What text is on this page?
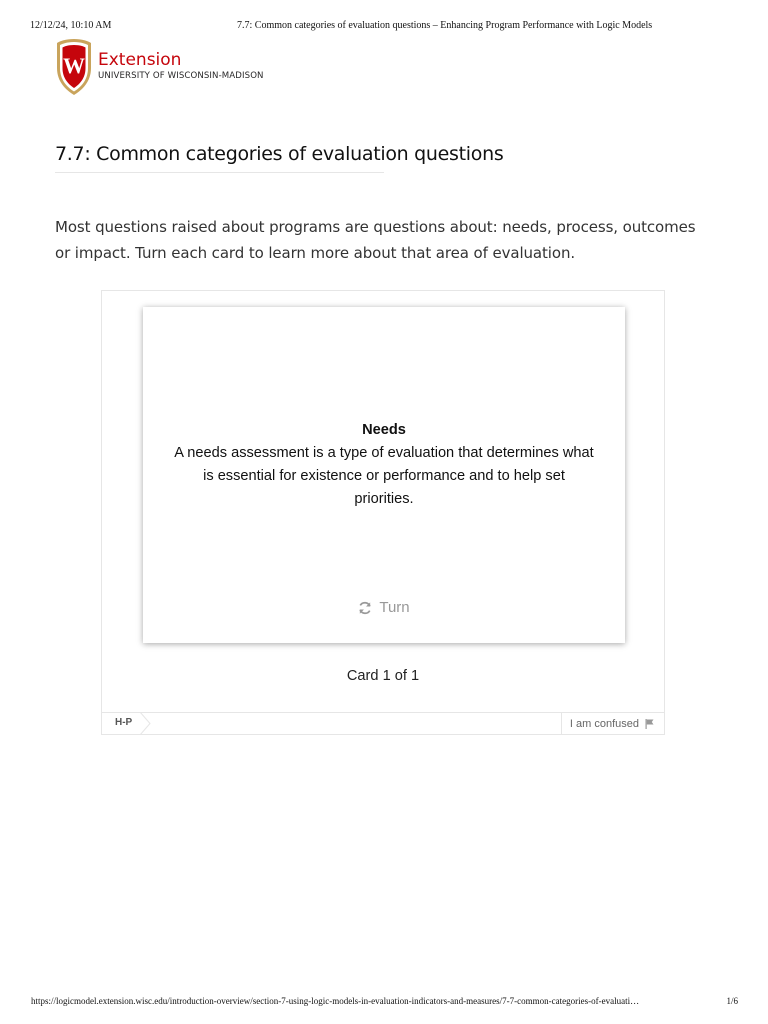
12/12/24, 10:10 AM	7.7: Common categories of evaluation questions – Enhancing Program Performance with Logic Models
W Extension
UNIVERSITY OF WISCONSIN-MADISON
7.7: Common categories of evaluation questions

Most questions raised about programs are questions about: needs, process, outcomes or impact. Turn each card to learn more about that area of evaluation.

Needs
A needs assessment is a type of evaluation that determines what is essential for existence or performance and to help set priorities.
Turn
Card 1 of 1
H-P	I am confused
https://logicmodel.extension.wisc.edu/introduction-overview/section-7-using-logic-models-in-evaluation-indicators-and-measures/7-7-common-categories-of-evaluati…	1/6
